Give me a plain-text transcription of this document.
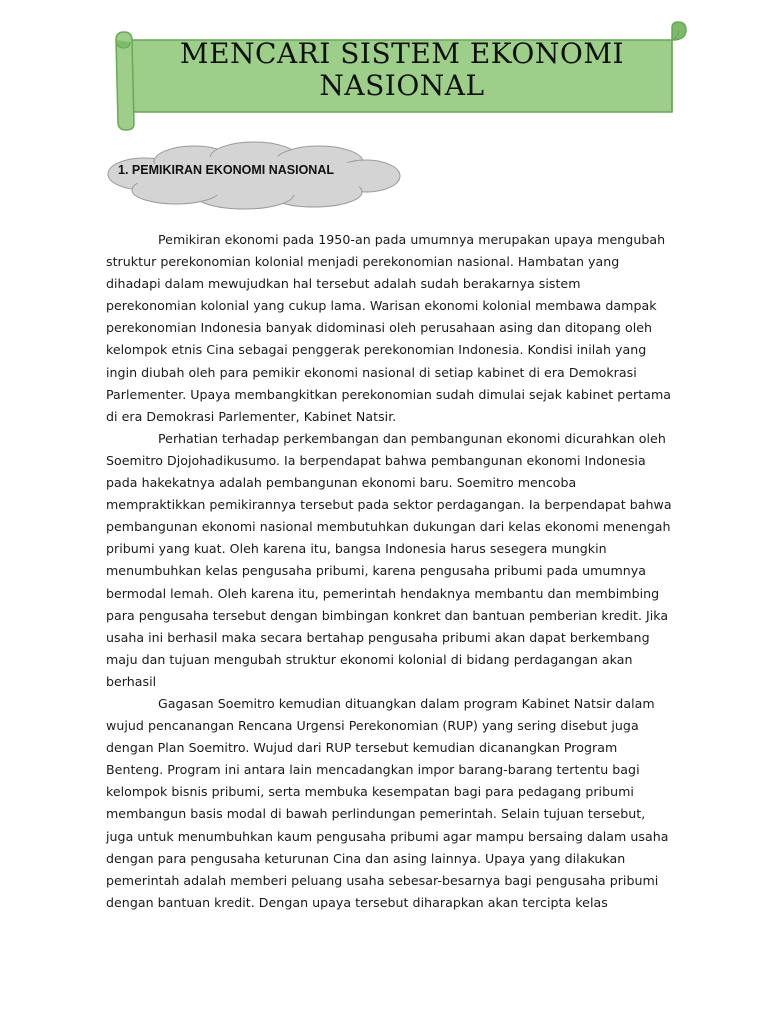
MENCARI SISTEM EKONOMI NASIONAL
1. PEMIKIRAN EKONOMI NASIONAL
Pemikiran ekonomi pada 1950-an pada umumnya merupakan upaya mengubah
struktur perekonomian kolonial menjadi perekonomian nasional. Hambatan yang
dihadapi dalam mewujudkan hal tersebut adalah sudah berakarnya sistem
perekonomian kolonial yang cukup lama. Warisan ekonomi kolonial membawa dampak
perekonomian Indonesia banyak didominasi oleh perusahaan asing dan ditopang oleh
kelompok etnis Cina sebagai penggerak perekonomian Indonesia. Kondisi inilah yang
ingin diubah oleh para pemikir ekonomi nasional di setiap kabinet di era Demokrasi
Parlementer. Upaya membangkitkan perekonomian sudah dimulai sejak kabinet pertama
di era Demokrasi Parlementer, Kabinet Natsir.
Perhatian terhadap perkembangan dan pembangunan ekonomi dicurahkan oleh
Soemitro Djojohadikusumo. Ia berpendapat bahwa pembangunan ekonomi Indonesia
pada hakekatnya adalah pembangunan ekonomi baru. Soemitro mencoba
mempraktikkan pemikirannya tersebut pada sektor perdagangan. Ia berpendapat bahwa
pembangunan ekonomi nasional membutuhkan dukungan dari kelas ekonomi menengah
pribumi yang kuat. Oleh karena itu, bangsa Indonesia harus sesegera mungkin
menumbuhkan kelas pengusaha pribumi, karena pengusaha pribumi pada umumnya
bermodal lemah. Oleh karena itu, pemerintah hendaknya membantu dan membimbing
para pengusaha tersebut dengan bimbingan konkret dan bantuan pemberian kredit. Jika
usaha ini berhasil maka secara bertahap pengusaha pribumi akan dapat berkembang
maju dan tujuan mengubah struktur ekonomi kolonial di bidang perdagangan akan
berhasil
Gagasan Soemitro kemudian dituangkan dalam program Kabinet Natsir dalam
wujud pencanangan Rencana Urgensi Perekonomian (RUP) yang sering disebut juga
dengan Plan Soemitro. Wujud dari RUP tersebut kemudian dicanangkan Program
Benteng. Program ini antara lain mencadangkan impor barang-barang tertentu bagi
kelompok bisnis pribumi, serta membuka kesempatan bagi para pedagang pribumi
membangun basis modal di bawah perlindungan pemerintah. Selain tujuan tersebut,
juga untuk menumbuhkan kaum pengusaha pribumi agar mampu bersaing dalam usaha
dengan para pengusaha keturunan Cina dan asing lainnya. Upaya yang dilakukan
pemerintah adalah memberi peluang usaha sebesar-besarnya bagi pengusaha pribumi
dengan bantuan kredit. Dengan upaya tersebut diharapkan akan tercipta kelas
